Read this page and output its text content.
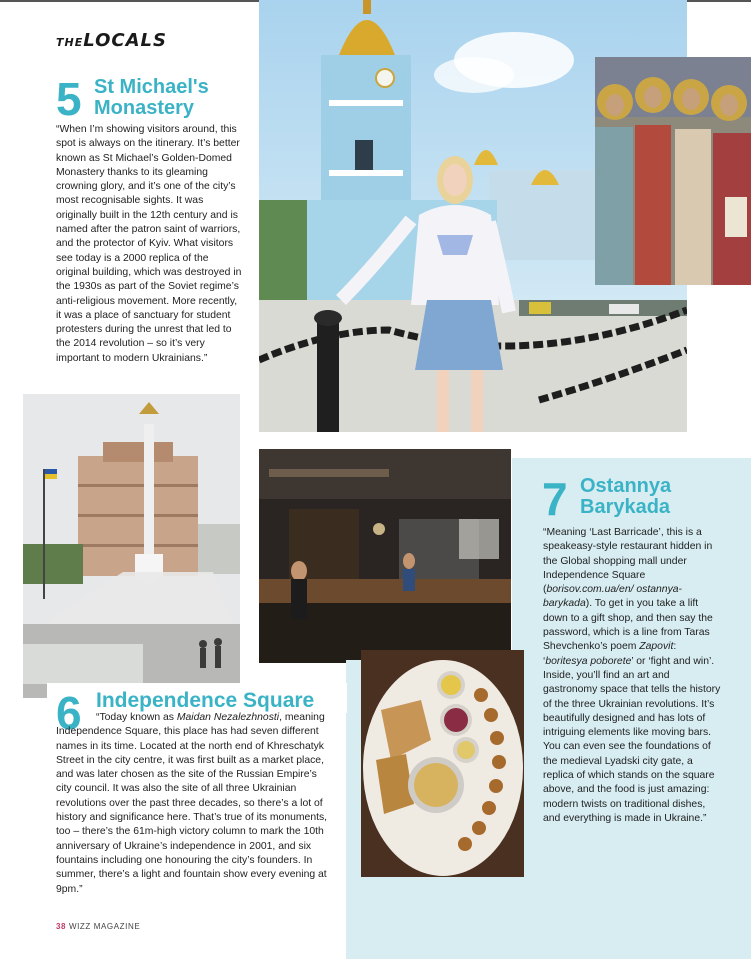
THELOCALS
5 St Michael's
Monastery

“When I’m showing visitors around, this spot is always on the itinerary. It’s better known as St Michael’s Golden-Domed Monastery thanks to its gleaming crowning glory, and it’s one of the city’s most recognisable sights. It was originally built in the 12th century and is named after the patron saint of warriors, and the protector of Kyiv. What visitors see today is a 2000 replica of the original building, which was destroyed in the 1930s as part of the Soviet regime’s anti-religious movement. More recently, it was a place of sanctuary for student protesters during the unrest that led to the 2014 revolution – so it’s very important to modern Ukrainians.”

6 Independence Square

“Today known as Maidan Nezalezhnosti, meaning Independence Square, this place has had seven different names in its time. Located at the north end of Khreschatyk Street in the city centre, it was first built as a market place, and was later chosen as the site of the Russian Empire’s city council. It was also the site of all three Ukrainian revolutions over the past three decades, so there’s a lot of history and significance here. That’s true of its monuments, too – there’s the 61m-high victory column to mark the 10th anniversary of Ukraine’s independence in 2001, and six fountains including one honouring the city’s founders. In summer, there’s a light and fountain show every evening at 9pm.”

7 Ostannya
Barykada

“Meaning ‘Last Barricade’, this is a speakeasy-style restaurant hidden in the Global shopping mall under Independence Square (borisov.com.ua/en/ ostannya-barykada). To get in you take a lift down to a gift shop, and then say the password, which is a line from Taras Shevchenko’s poem Zapovit: ‘boritesya poborete’ or ‘fight and win’. Inside, you’ll find an art and gastronomy space that tells the history of the three Ukrainian revolutions. It’s beautifully designed and has lots of intriguing elements like moving bars. You can even see the foundations of the medieval Lyadski city gate, a replica of which stands on the square above, and the food is just amazing: modern twists on traditional dishes, and everything is made in Ukraine.”

38 WIZZ MAGAZINE
